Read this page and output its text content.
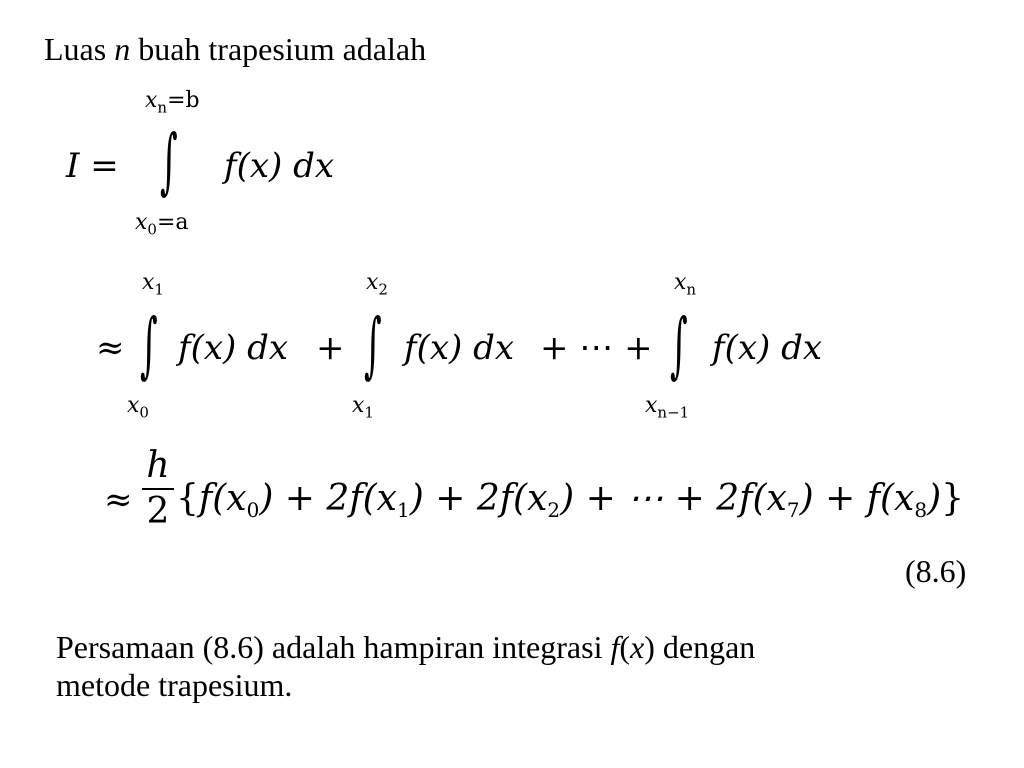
Luas n buah trapesium adalah
I =
$x_n=b$
∫
$x_0=a$
f(x) dx
≈
$x_1$
∫
$x_0$
f(x) dx +
$x_2$
∫
$x_1$
f(x) dx + ⋯ +
$x_n$
∫
$x_{n-1}$
f(x) dx
≈
h
2 {$f(x_0) + 2f(x_1) + 2f(x_2)$ + ⋯ + $2f(x_7) + f(x_8)$}
(8.6)
Persamaan (8.6) adalah hampiran integrasi f(x) dengan
metode trapesium.
